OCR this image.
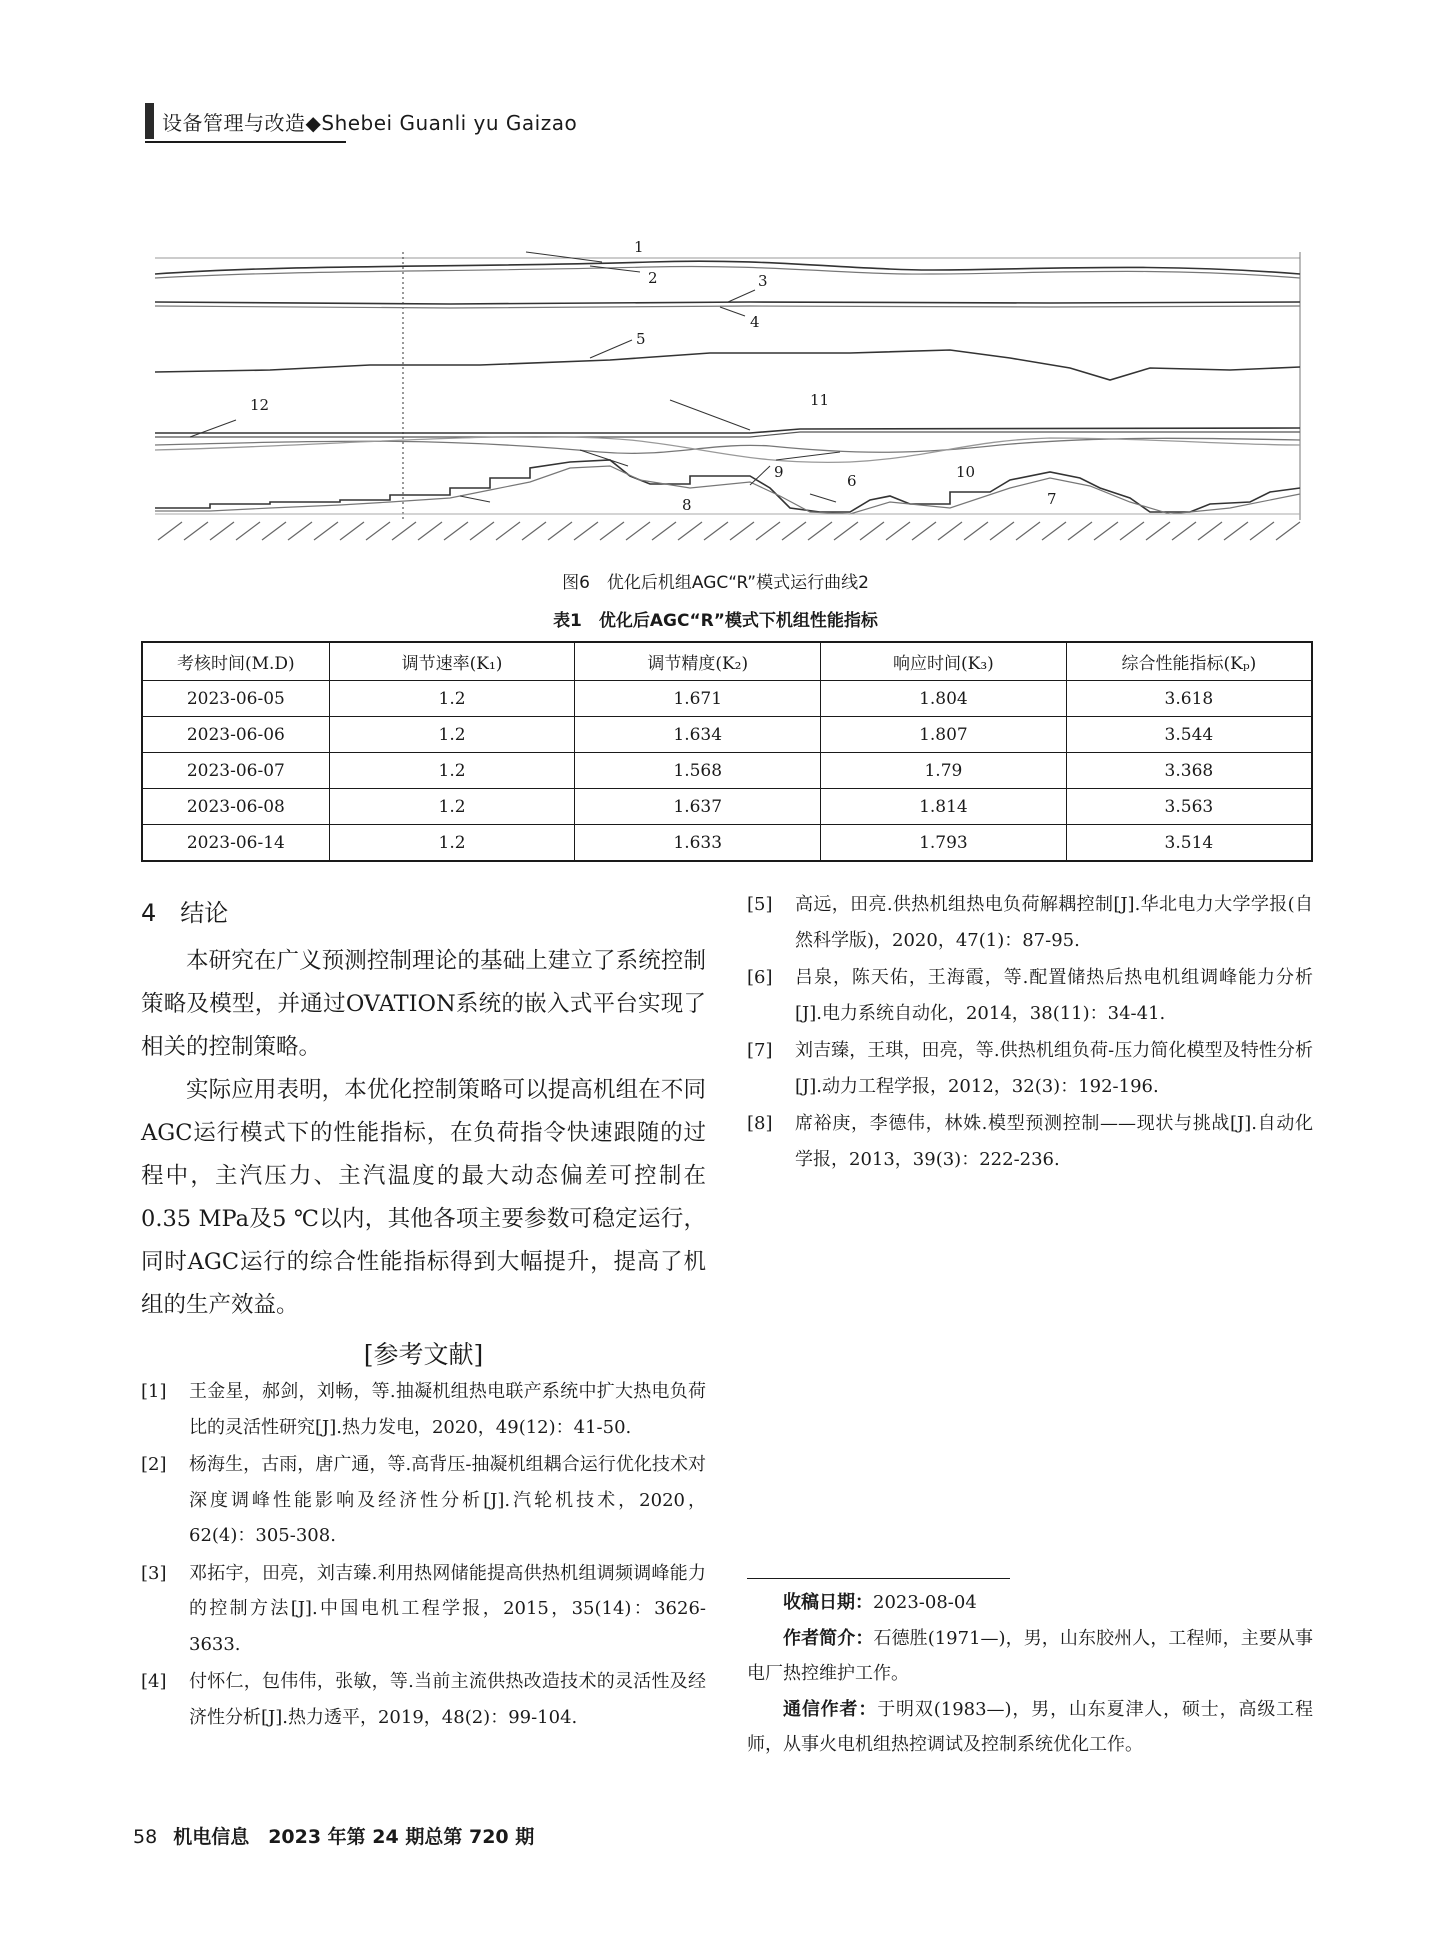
设备管理与改造◆Shebei Guanli yu Gaizao
1
2	3
4
5
6
7
8
9	10
11
12
图6　优化后机组AGC“R”模式运行曲线2
表1　优化后AGC“R”模式下机组性能指标
考核时间(M.D)	调节速率(K₁)	调节精度(K₂)	响应时间(K₃)	综合性能指标(Kₚ)
2023-06-05	1.2	1.671	1.804	3.618
2023-06-06	1.2	1.634	1.807	3.544
2023-06-07	1.2	1.568	1.79	3.368
2023-06-08	1.2	1.637	1.814	3.563
2023-06-14	1.2	1.633	1.793	3.514
4　结论

本研究在广义预测控制理论的基础上建立了系统控制策略及模型，并通过OVATION系统的嵌入式平台实现了相关的控制策略。

实际应用表明，本优化控制策略可以提高机组在不同AGC运行模式下的性能指标，在负荷指令快速跟随的过程中，主汽压力、主汽温度的最大动态偏差可控制在0.35 MPa及5 ℃以内，其他各项主要参数可稳定运行，同时AGC运行的综合性能指标得到大幅提升，提高了机组的生产效益。

[参考文献]
[1]	王金星，郝剑，刘畅，等.抽凝机组热电联产系统中扩大热电负荷比的灵活性研究[J].热力发电，2020，49(12)：41-50.
[2]	杨海生，古雨，唐广通，等.高背压-抽凝机组耦合运行优化技术对深度调峰性能影响及经济性分析[J].汽轮机技术，2020，62(4)：305-308.
[3]	邓拓宇，田亮，刘吉臻.利用热网储能提高供热机组调频调峰能力的控制方法[J].中国电机工程学报，2015，35(14)：3626-3633.
[4]	付怀仁，包伟伟，张敏，等.当前主流供热改造技术的灵活性及经济性分析[J].热力透平，2019，48(2)：99-104.
[5]	高远，田亮.供热机组热电负荷解耦控制[J].华北电力大学学报(自然科学版)，2020，47(1)：87-95.
[6]	吕泉，陈天佑，王海霞，等.配置储热后热电机组调峰能力分析[J].电力系统自动化，2014，38(11)：34-41.
[7]	刘吉臻，王琪，田亮，等.供热机组负荷-压力简化模型及特性分析[J].动力工程学报，2012，32(3)：192-196.
[8]	席裕庚，李德伟，林姝.模型预测控制——现状与挑战[J].自动化学报，2013，39(3)：222-236.

收稿日期：2023-08-04

作者简介：石德胜(1971—)，男，山东胶州人，工程师，主要从事电厂热控维护工作。

通信作者：于明双(1983—)，男，山东夏津人，硕士，高级工程师，从事火电机组热控调试及控制系统优化工作。

58 机电信息　2023 年第 24 期总第 720 期
